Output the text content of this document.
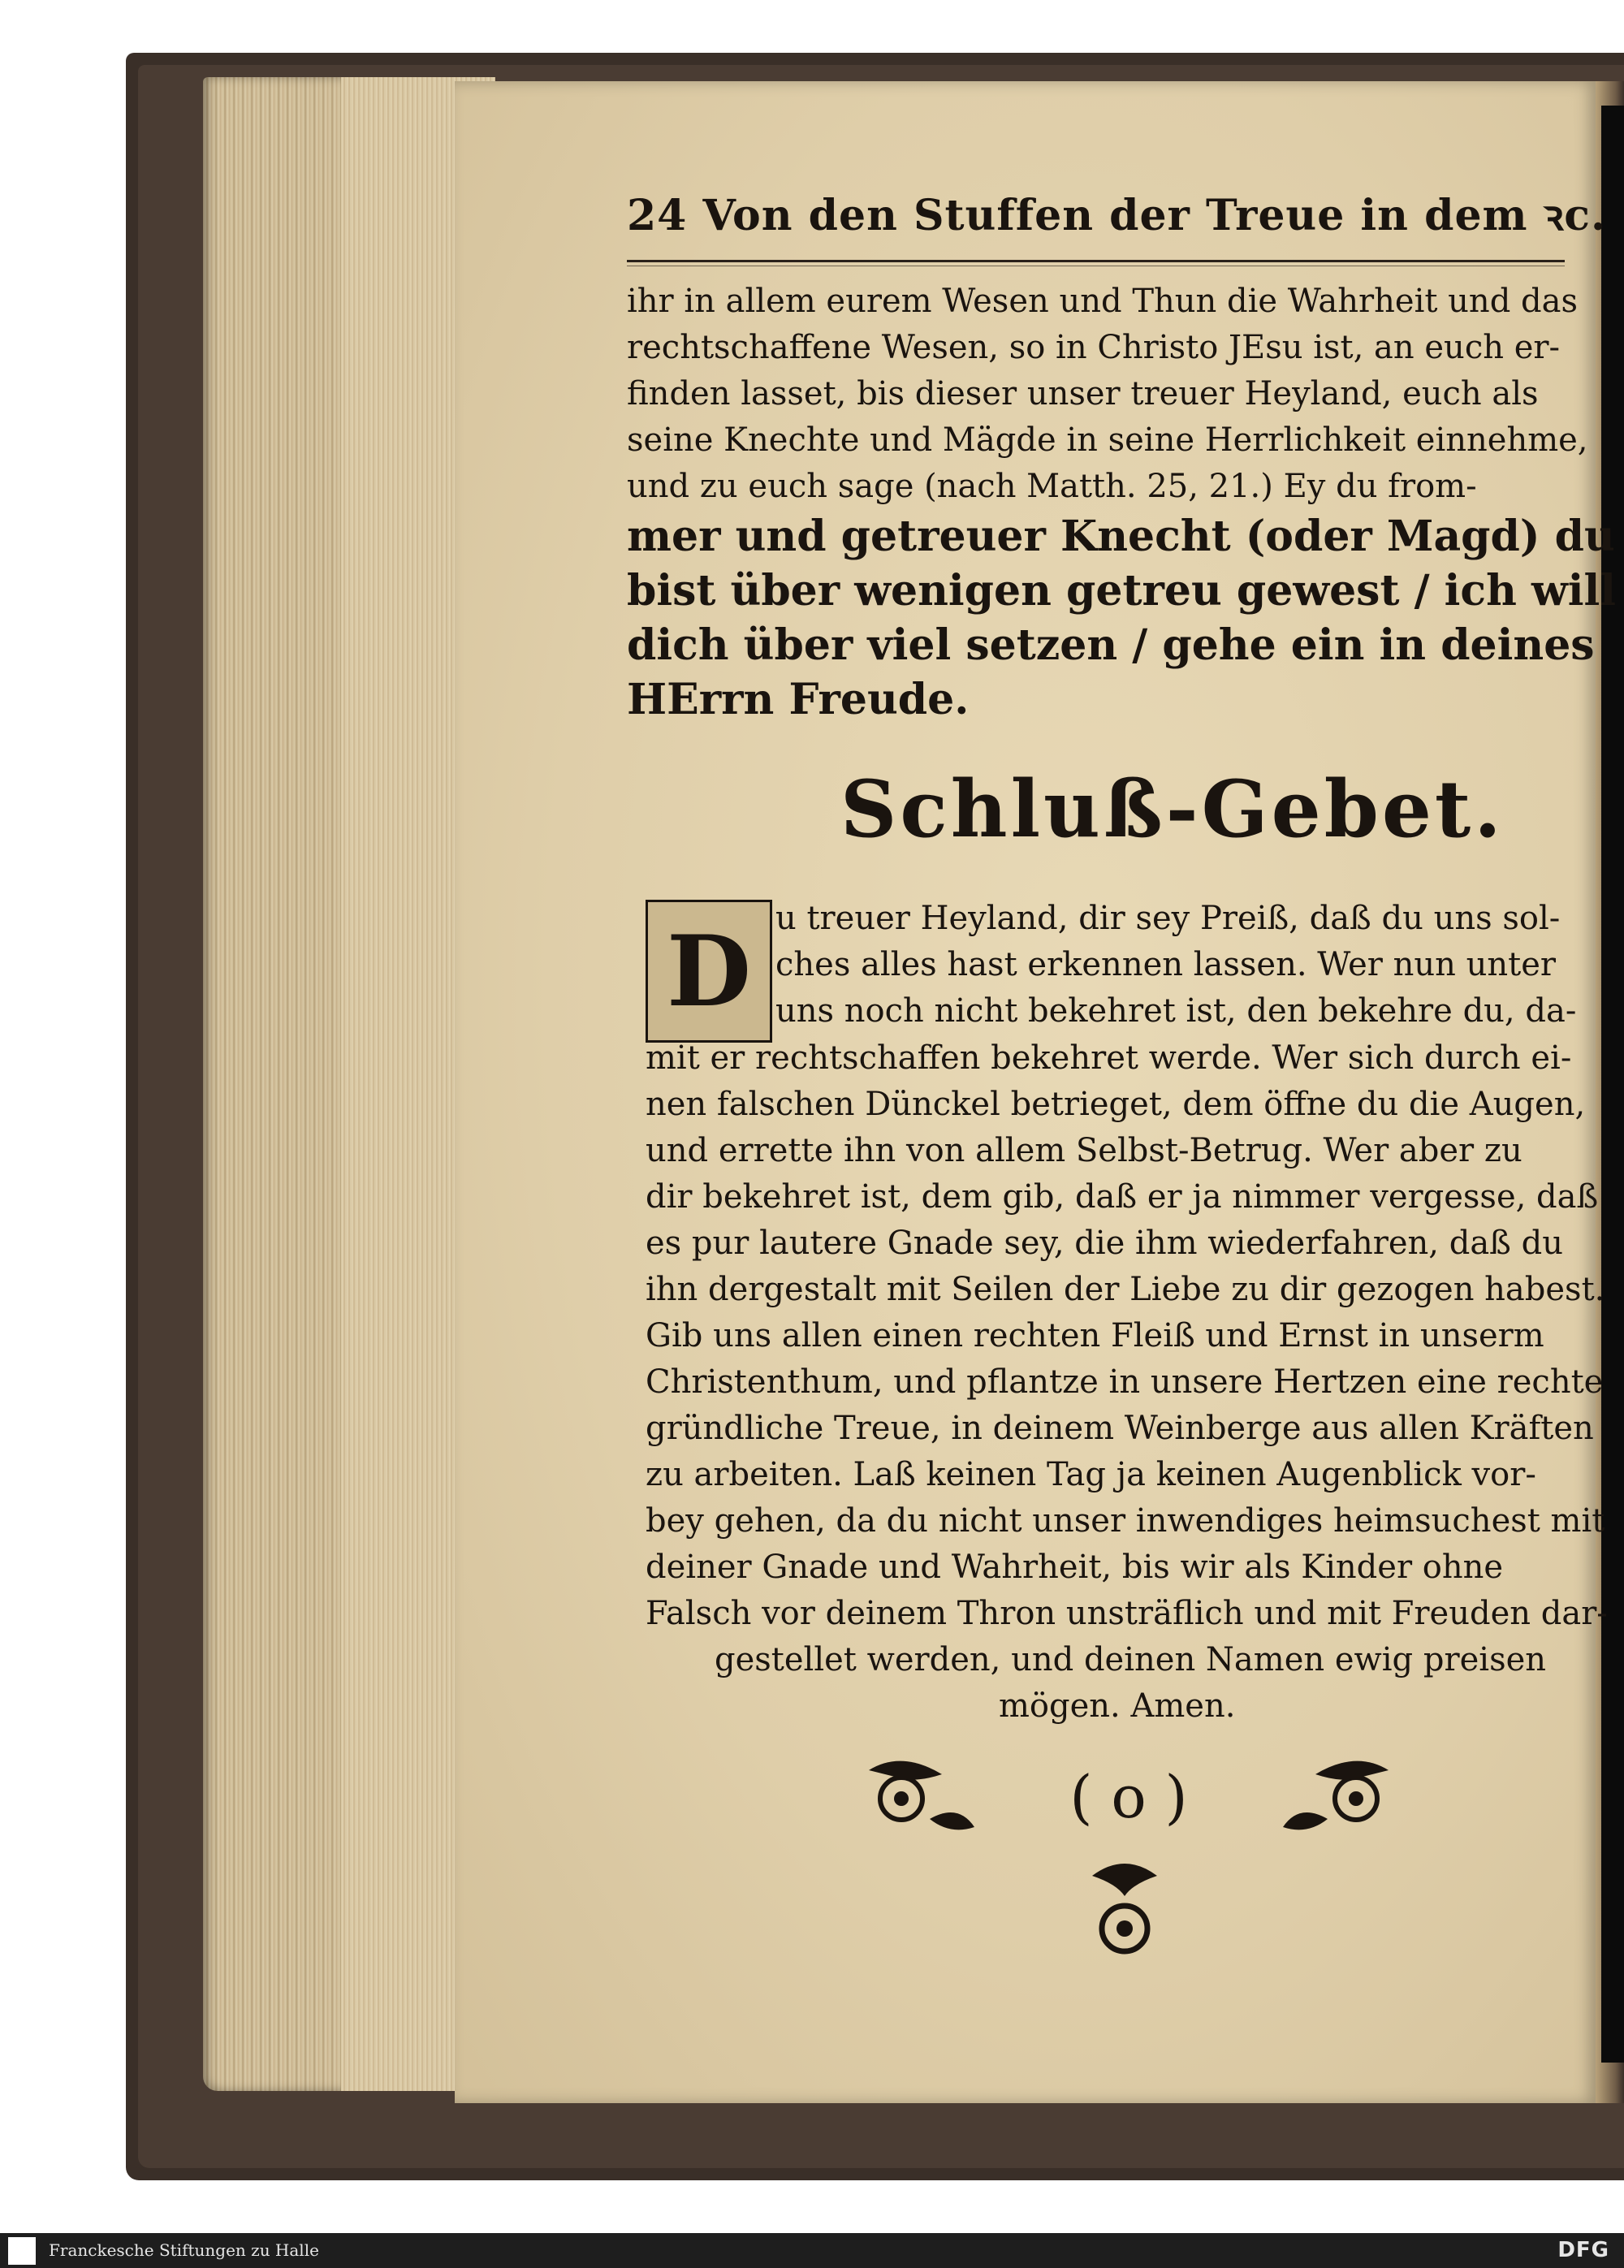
24 Von den Stuffen der Treue in dem ꝛc.
ihr in allem eurem Wesen und Thun die Wahrheit und das
rechtschaffene Wesen, so in Christo JEsu ist, an euch er-
finden lasset, bis dieser unser treuer Heyland, euch als
seine Knechte und Mägde in seine Herrlichkeit einnehme,
und zu euch sage (nach Matth. 25, 21.) Ey du from-
mer und getreuer Knecht (oder Magd) du
bist über wenigen getreu gewest / ich will
dich über viel setzen / gehe ein in deines
HErrn Freude.
Schluß-Gebet.
D u treuer Heyland, dir sey Preiß, daß du uns sol-
ches alles hast erkennen lassen. Wer nun unter
uns noch nicht bekehret ist, den bekehre du, da-
mit er rechtschaffen bekehret werde. Wer sich durch ei-
nen falschen Dünckel betrieget, dem öffne du die Augen,
und errette ihn von allem Selbst-Betrug. Wer aber zu
dir bekehret ist, dem gib, daß er ja nimmer vergesse, daß
es pur lautere Gnade sey, die ihm wiederfahren, daß du
ihn dergestalt mit Seilen der Liebe zu dir gezogen habest.
Gib uns allen einen rechten Fleiß und Ernst in unserm
Christenthum, und pflantze in unsere Hertzen eine rechte
gründliche Treue, in deinem Weinberge aus allen Kräften
zu arbeiten. Laß keinen Tag ja keinen Augenblick vor-
bey gehen, da du nicht unser inwendiges heimsuchest mit
deiner Gnade und Wahrheit, bis wir als Kinder ohne
Falsch vor deinem Thron unsträflich und mit Freuden dar-
gestellet werden, und deinen Namen ewig preisen
mögen. Amen.
( o )
Franckesche Stiftungen zu Halle	DFG
